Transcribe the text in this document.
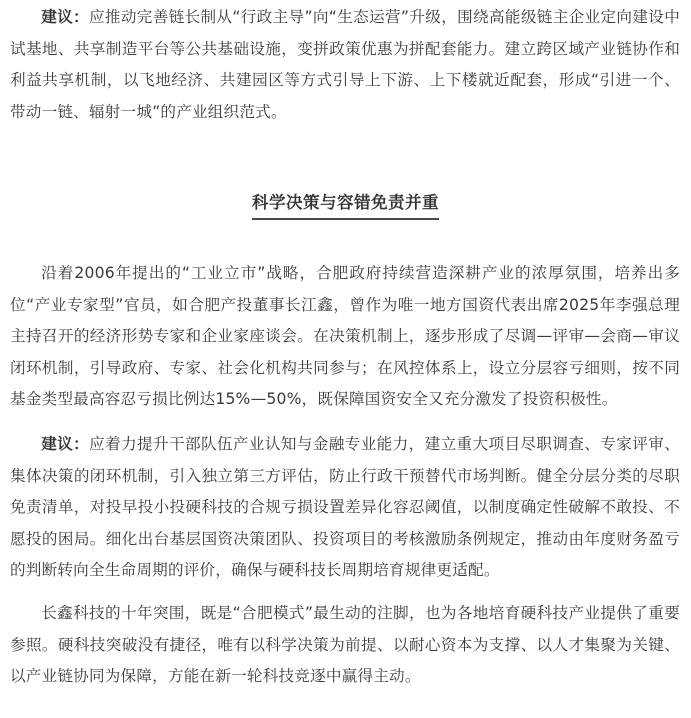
建议：应推动完善链长制从“行政主导”向“生态运营”升级，围绕高能级链主企业定向建设中试基地、共享制造平台等公共基础设施，变拼政策优惠为拼配套能力。建立跨区域产业链协作和利益共享机制，以飞地经济、共建园区等方式引导上下游、上下楼就近配套，形成“引进一个、带动一链、辐射一城”的产业组织范式。

科学决策与容错免责并重

沿着2006年提出的“工业立市”战略，合肥政府持续营造深耕产业的浓厚氛围，培养出多位“产业专家型”官员，如合肥产投董事长江鑫，曾作为唯一地方国资代表出席2025年李强总理主持召开的经济形势专家和企业家座谈会。在决策机制上，逐步形成了尽调—评审—会商—审议闭环机制，引导政府、专家、社会化机构共同参与；在风控体系上，设立分层容亏细则，按不同基金类型最高容忍亏损比例达15%—50%，既保障国资安全又充分激发了投资积极性。

建议：应着力提升干部队伍产业认知与金融专业能力，建立重大项目尽职调查、专家评审、集体决策的闭环机制，引入独立第三方评估，防止行政干预替代市场判断。健全分层分类的尽职免责清单，对投早投小投硬科技的合规亏损设置差异化容忍阈值，以制度确定性破解不敢投、不愿投的困局。细化出台基层国资决策团队、投资项目的考核激励条例规定，推动由年度财务盈亏的判断转向全生命周期的评价，确保与硬科技长周期培育规律更适配。

长鑫科技的十年突围，既是“合肥模式”最生动的注脚，也为各地培育硬科技产业提供了重要参照。硬科技突破没有捷径，唯有以科学决策为前提、以耐心资本为支撑、以人才集聚为关键、以产业链协同为保障，方能在新一轮科技竞逐中赢得主动。
